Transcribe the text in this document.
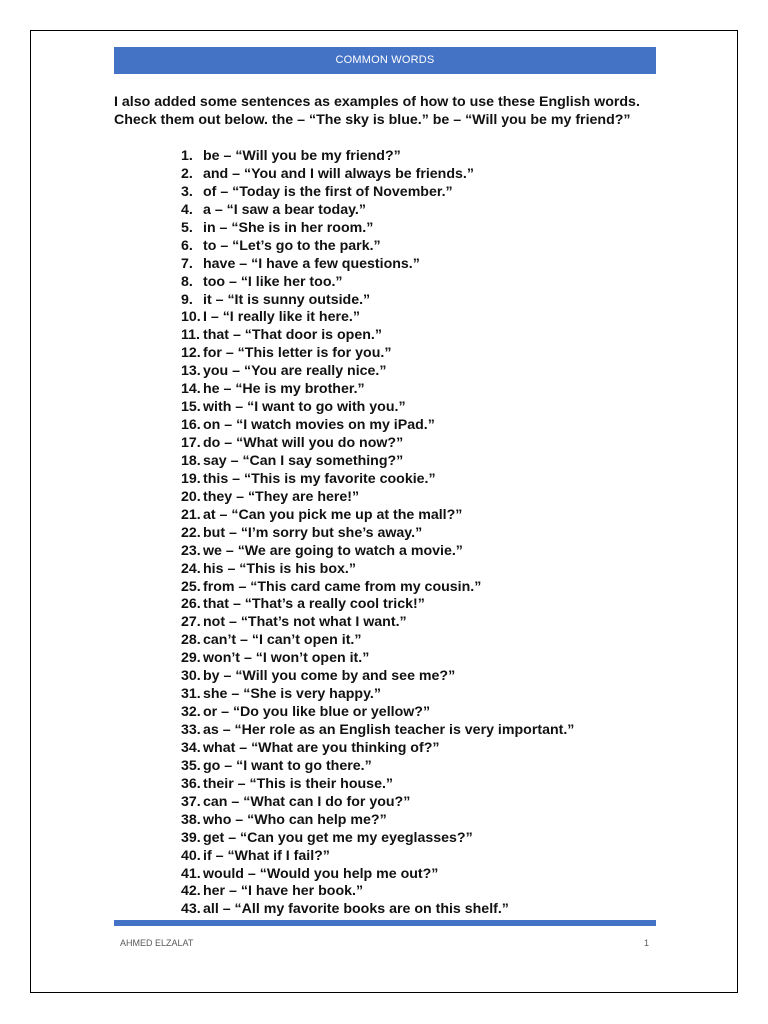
COMMON WORDS
I also added some sentences as examples of how to use these English words. Check them out below. the – “The sky is blue.” be – “Will you be my friend?”
1. be – “Will you be my friend?”
2. and – “You and I will always be friends.”
3. of – “Today is the first of November.”
4. a – “I saw a bear today.”
5. in – “She is in her room.”
6. to – “Let’s go to the park.”
7. have – “I have a few questions.”
8. too – “I like her too.”
9. it – “It is sunny outside.”
10. I – “I really like it here.”
11. that – “That door is open.”
12. for – “This letter is for you.”
13. you – “You are really nice.”
14. he – “He is my brother.”
15. with – “I want to go with you.”
16. on – “I watch movies on my iPad.”
17. do – “What will you do now?”
18. say – “Can I say something?”
19. this – “This is my favorite cookie.”
20. they – “They are here!”
21. at – “Can you pick me up at the mall?”
22. but – “I’m sorry but she’s away.”
23. we – “We are going to watch a movie.”
24. his – “This is his box.”
25. from – “This card came from my cousin.”
26. that – “That’s a really cool trick!”
27. not – “That’s not what I want.”
28. can’t – “I can’t open it.”
29. won’t – “I won’t open it.”
30. by – “Will you come by and see me?”
31. she – “She is very happy.”
32. or – “Do you like blue or yellow?”
33. as – “Her role as an English teacher is very important.”
34. what – “What are you thinking of?”
35. go – “I want to go there.”
36. their – “This is their house.”
37. can – “What can I do for you?”
38. who – “Who can help me?”
39. get – “Can you get me my eyeglasses?”
40. if – “What if I fail?”
41. would – “Would you help me out?”
42. her – “I have her book.”
43. all – “All my favorite books are on this shelf.”
AHMED ELZALAT	1
